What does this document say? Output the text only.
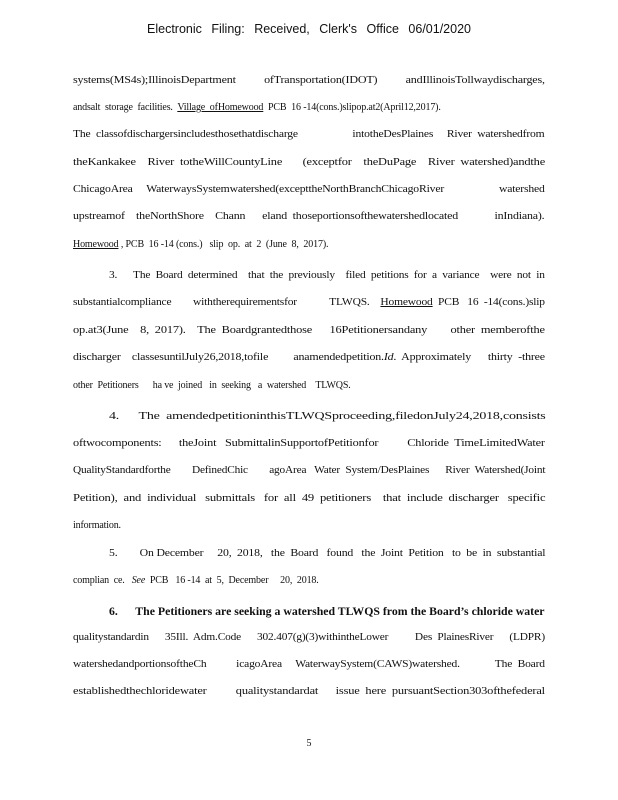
Electronic Filing: Received, Clerk's Office 06/01/2020
systems(MS4s);IllinoisDepartment          ofTransportation(IDOT)          andIllinoisTollwaydischarges,
andsalt  storage  facilities.  Village  ofHomewood  PCB  16 -14(cons.)slipop.at2(April12,2017).
The  classofdischargersincludesthosethatdischarge                    intotheDesPlaines     River  watershedfrom
theKankakee    River  totheWillCountyLine       (exceptfor    theDuPage    River  watershed)andthe
ChicagoArea     WaterwaysSystemwatershed(excepttheNorthBranchChicagoRiver                    watershed
upstreamof    theNorthShore    Chann      eland  thoseportionsofthewatershedlocated             inIndiana).
Homewood , PCB  16 -14 (cons.)   slip  op.  at  2  (June  8,  2017).
3.      The  Board  determined    that  the  previously    filed  petitions  for  a  variance    were  not  in
substantialcompliance        withtherequirementsfor            TLWQS.    Homewood  PCB   16  -14(cons.)slip
op.at3(June    8,  2017).    The  Boardgrantedthose      16Petitionersandany        other  memberofthe
discharger    classesuntilJuly26,2018,tofile         anamendedpetition.Id.  Approximately      thirty  -three
other  Petitioners      ha ve  joined   in  seeking   a  watershed    TLWQS.
4.      The  amendedpetitioninthisTLWQSproceeding,filedonJuly24,2018,consists
oftwocomponents:      theJoint   SubmittalinSupportofPetitionfor          Chloride  TimeLimitedWater
QualityStandardforthe        DefinedChic        agoArea   Water  System/DesPlaines      River  Watershed(Joint
Petition),  and  individual   submittals   for  all  49  petitioners    that  include  discharger   specific
information.
5.        On December     20,  2018,   the  Board   found   the  Joint  Petition   to  be  in  substantial
complian  ce.   See  PCB   16 -14  at  5,  December     20,  2018.
6.      The Petitioners are seeking a watershed TLWQS from the Board’s chloride water
qualitystandardin      35Ill.  Adm.Code      302.407(g)(3)withintheLower          Des  PlainesRiver      (LDPR)
watershedandportionsoftheCh           icagoArea     WaterwaySystem(CAWS)watershed.             The  Board
establishedthechloridewater          qualitystandardat      issue  here  pursuantSection303ofthefederal
5
